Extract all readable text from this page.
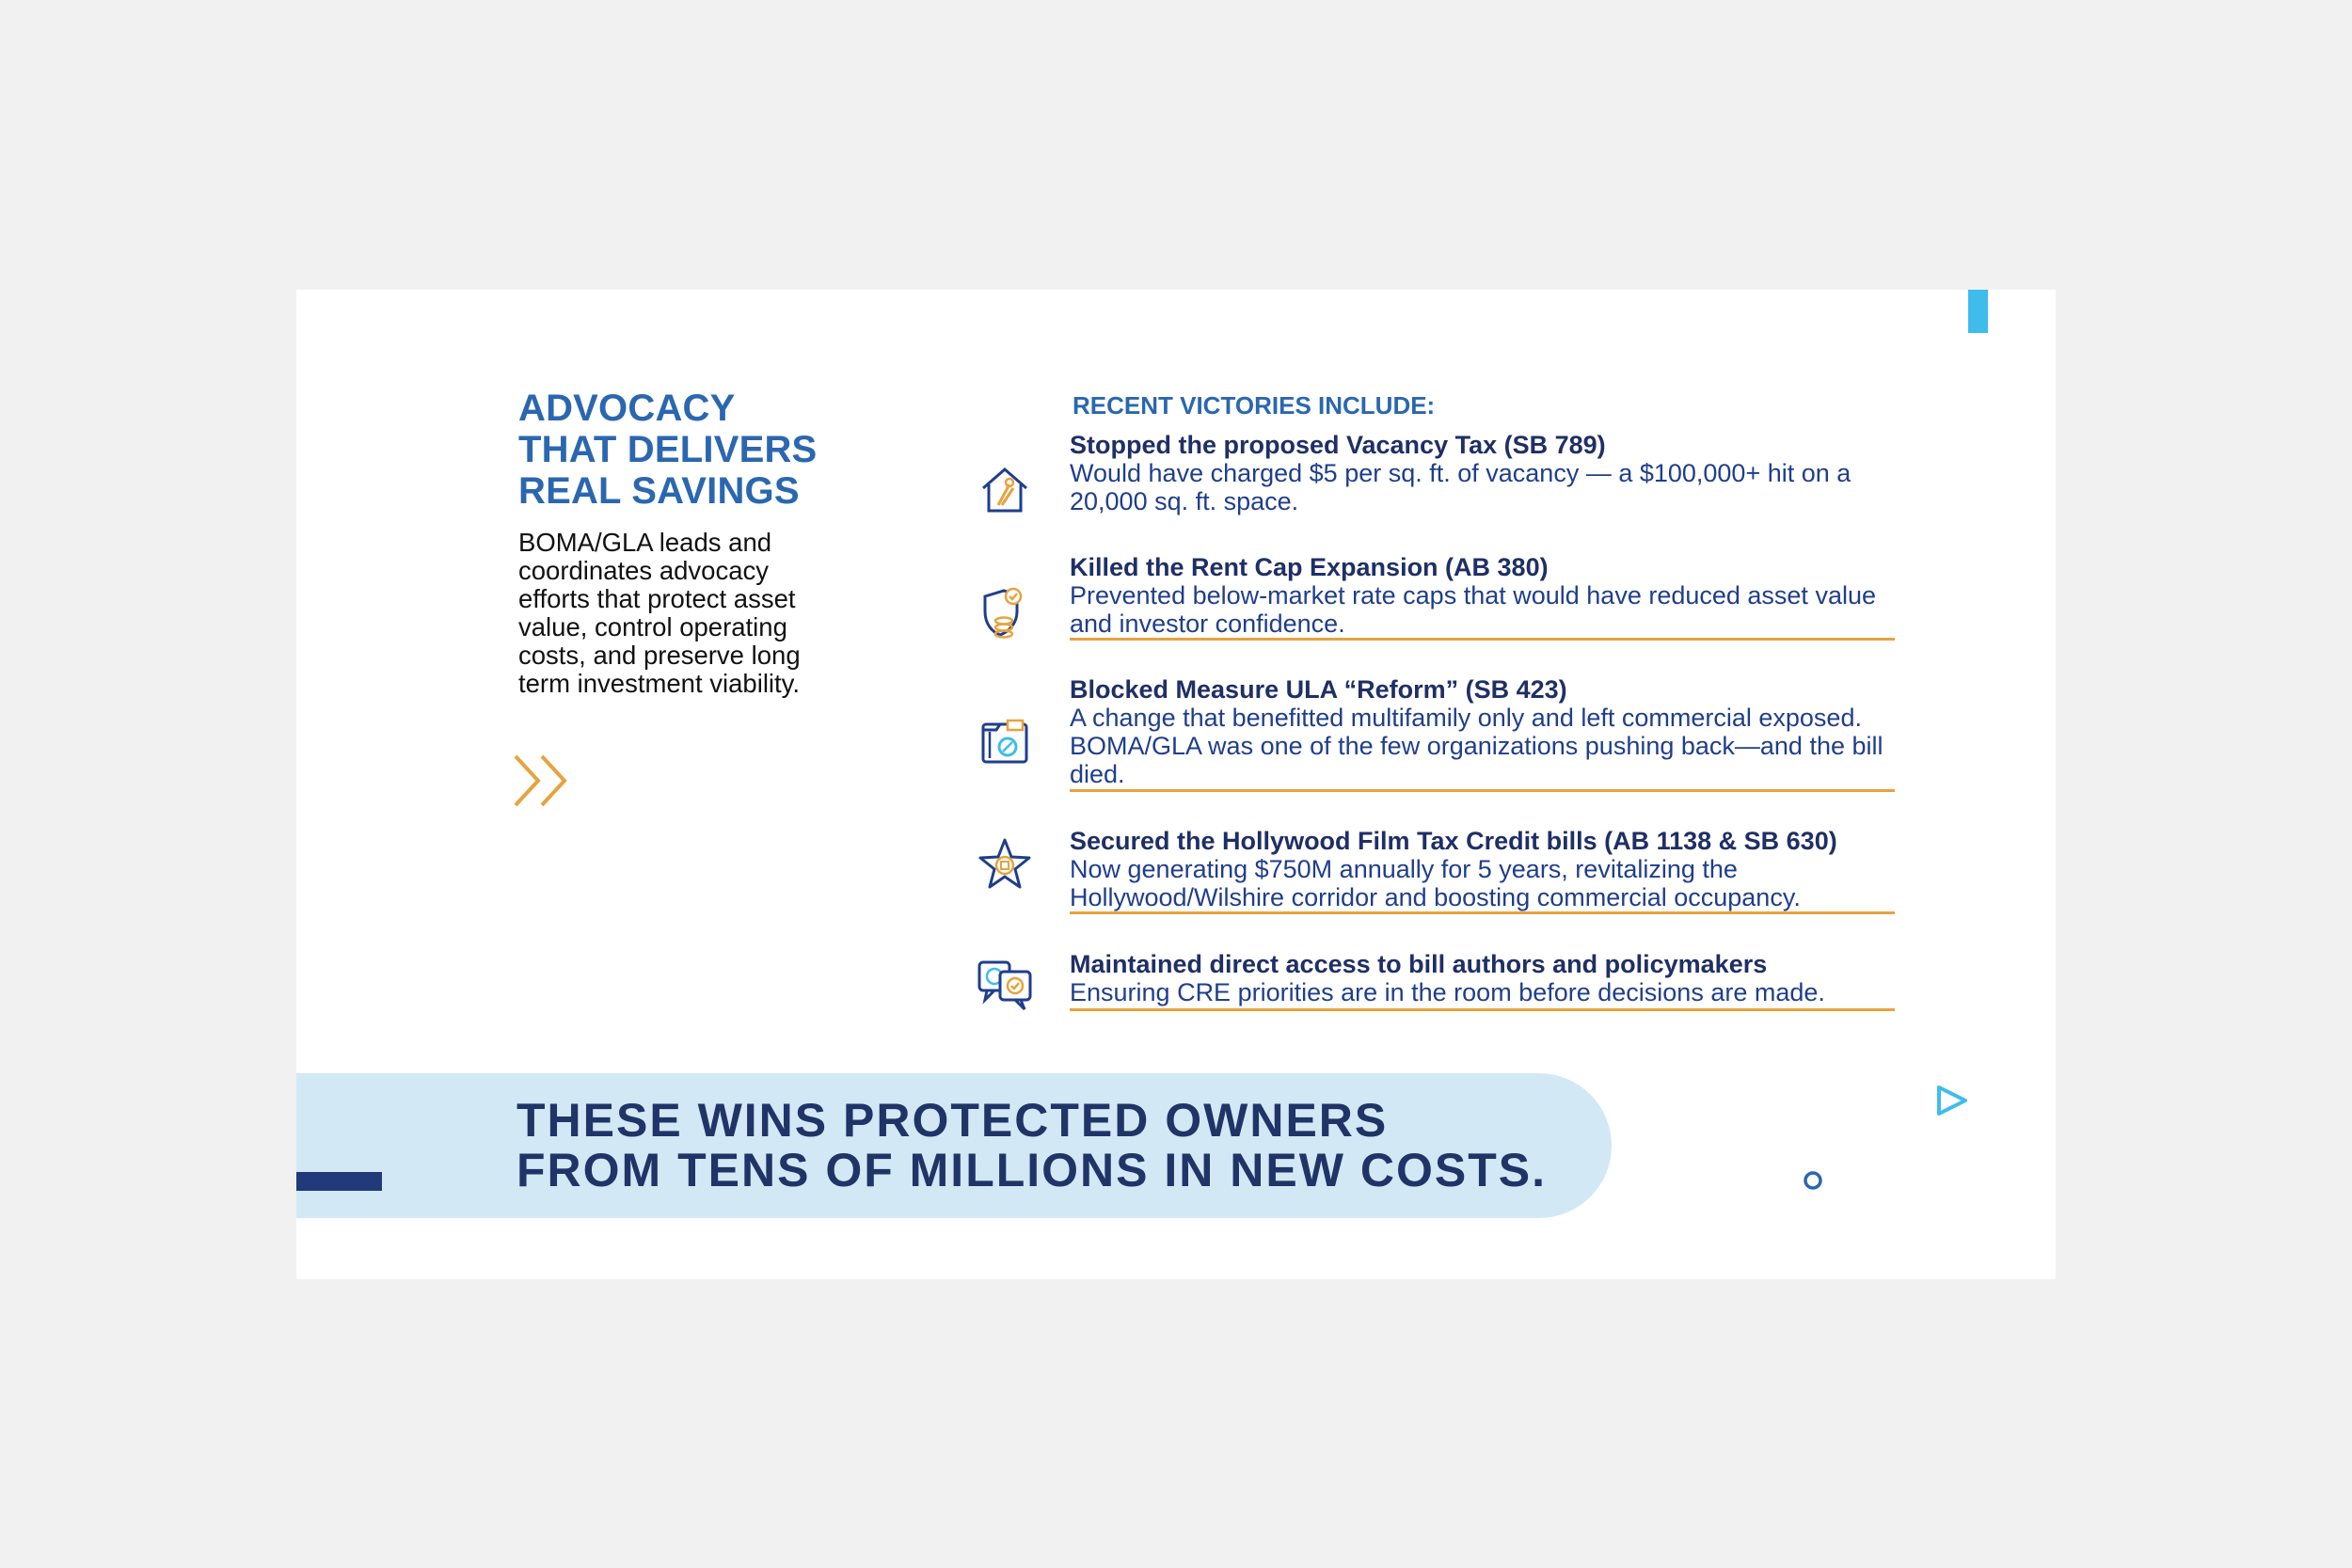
ADVOCACY
THAT DELIVERS
REAL SAVINGS

BOMA/GLA leads and coordinates advocacy efforts that protect asset value, control operating costs, and preserve long term investment viability.

RECENT VICTORIES INCLUDE:

Stopped the proposed Vacancy Tax (SB 789)

Would have charged $5 per sq. ft. of vacancy — a $100,000+ hit on a 20,000 sq. ft. space.

Killed the Rent Cap Expansion (AB 380)

Prevented below-market rate caps that would have reduced asset value and investor confidence.

Blocked Measure ULA “Reform” (SB 423)

A change that benefitted multifamily only and left commercial exposed. BOMA/GLA was one of the few organizations pushing back—and the bill died.

Secured the Hollywood Film Tax Credit bills (AB 1138 & SB 630)

Now generating $750M annually for 5 years, revitalizing the Hollywood/Wilshire corridor and boosting commercial occupancy.

Maintained direct access to bill authors and policymakers

Ensuring CRE priorities are in the room before decisions are made.

THESE WINS PROTECTED OWNERS
FROM TENS OF MILLIONS IN NEW COSTS.
